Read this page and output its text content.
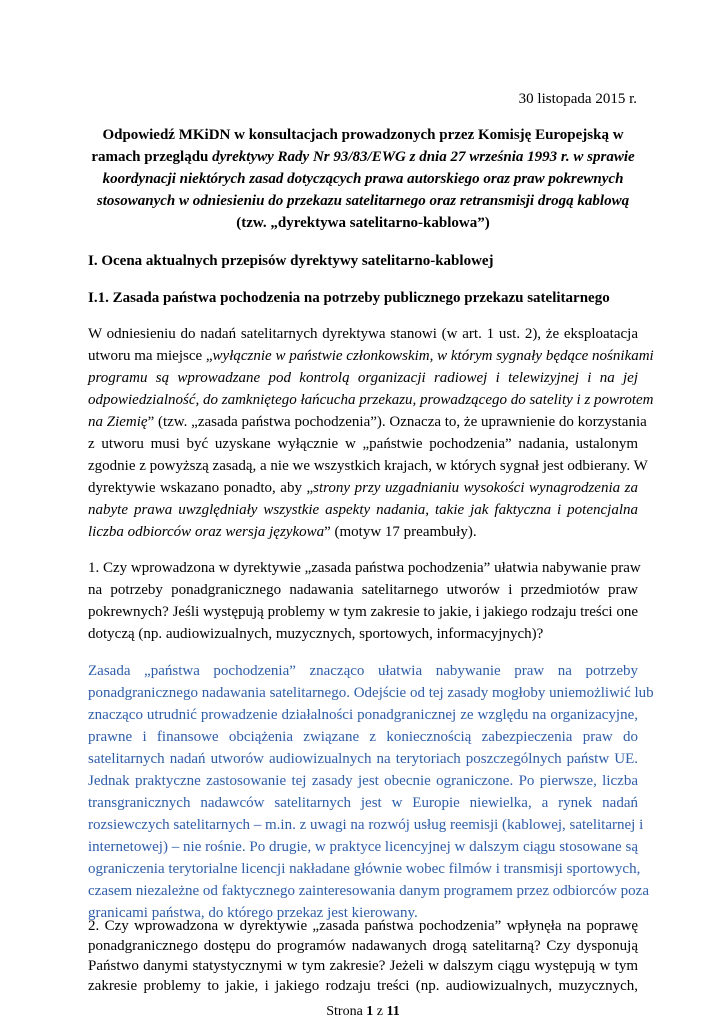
30 listopada 2015 r.
Odpowiedź MKiDN w konsultacjach prowadzonych przez Komisję Europejską w
ramach przeglądu dyrektywy Rady Nr 93/83/EWG z dnia 27 września 1993 r. w sprawie
koordynacji niektórych zasad dotyczących prawa autorskiego oraz praw pokrewnych
stosowanych w odniesieniu do przekazu satelitarnego oraz retransmisji drogą kablową
(tzw. „dyrektywa satelitarno-kablowa”)
I. Ocena aktualnych przepisów dyrektywy satelitarno-kablowej
I.1. Zasada państwa pochodzenia na potrzeby publicznego przekazu satelitarnego
W odniesieniu do nadań satelitarnych dyrektywa stanowi (w art. 1 ust. 2), że eksploatacja
utworu ma miejsce „wyłącznie w państwie członkowskim, w którym sygnały będące nośnikami
programu są wprowadzane pod kontrolą organizacji radiowej i telewizyjnej i na jej
odpowiedzialność, do zamkniętego łańcucha przekazu, prowadzącego do satelity i z powrotem
na Ziemię” (tzw. „zasada państwa pochodzenia”). Oznacza to, że uprawnienie do korzystania
z utworu musi być uzyskane wyłącznie w „państwie pochodzenia” nadania, ustalonym
zgodnie z powyższą zasadą, a nie we wszystkich krajach, w których sygnał jest odbierany. W
dyrektywie wskazano ponadto, aby „strony przy uzgadnianiu wysokości wynagrodzenia za
nabyte prawa uwzględniały wszystkie aspekty nadania, takie jak faktyczna i potencjalna
liczba odbiorców oraz wersja językowa” (motyw 17 preambuły).
1. Czy wprowadzona w dyrektywie „zasada państwa pochodzenia” ułatwia nabywanie praw
na potrzeby ponadgranicznego nadawania satelitarnego utworów i przedmiotów praw
pokrewnych? Jeśli występują problemy w tym zakresie to jakie, i jakiego rodzaju treści one
dotyczą (np. audiowizualnych, muzycznych, sportowych, informacyjnych)?
Zasada „państwa pochodzenia” znacząco ułatwia nabywanie praw na potrzeby
ponadgranicznego nadawania satelitarnego. Odejście od tej zasady mogłoby uniemożliwić lub
znacząco utrudnić prowadzenie działalności ponadgranicznej ze względu na organizacyjne,
prawne i finansowe obciążenia związane z koniecznością zabezpieczenia praw do
satelitarnych nadań utworów audiowizualnych na terytoriach poszczególnych państw UE.
Jednak praktyczne zastosowanie tej zasady jest obecnie ograniczone. Po pierwsze, liczba
transgranicznych nadawców satelitarnych jest w Europie niewielka, a rynek nadań
rozsiewczych satelitarnych – m.in. z uwagi na rozwój usług reemisji (kablowej, satelitarnej i
internetowej) – nie rośnie. Po drugie, w praktyce licencyjnej w dalszym ciągu stosowane są
ograniczenia terytorialne licencji nakładane głównie wobec filmów i transmisji sportowych,
czasem niezależne od faktycznego zainteresowania danym programem przez odbiorców poza
granicami państwa, do którego przekaz jest kierowany.
2. Czy wprowadzona w dyrektywie „zasada państwa pochodzenia” wpłynęła na poprawę
ponadgranicznego dostępu do programów nadawanych drogą satelitarną? Czy dysponują
Państwo danymi statystycznymi w tym zakresie? Jeżeli w dalszym ciągu występują w tym
Strona 1 z 11
zakresie problemy to jakie, i jakiego rodzaju treści (np. audiowizualnych, muzycznych,
